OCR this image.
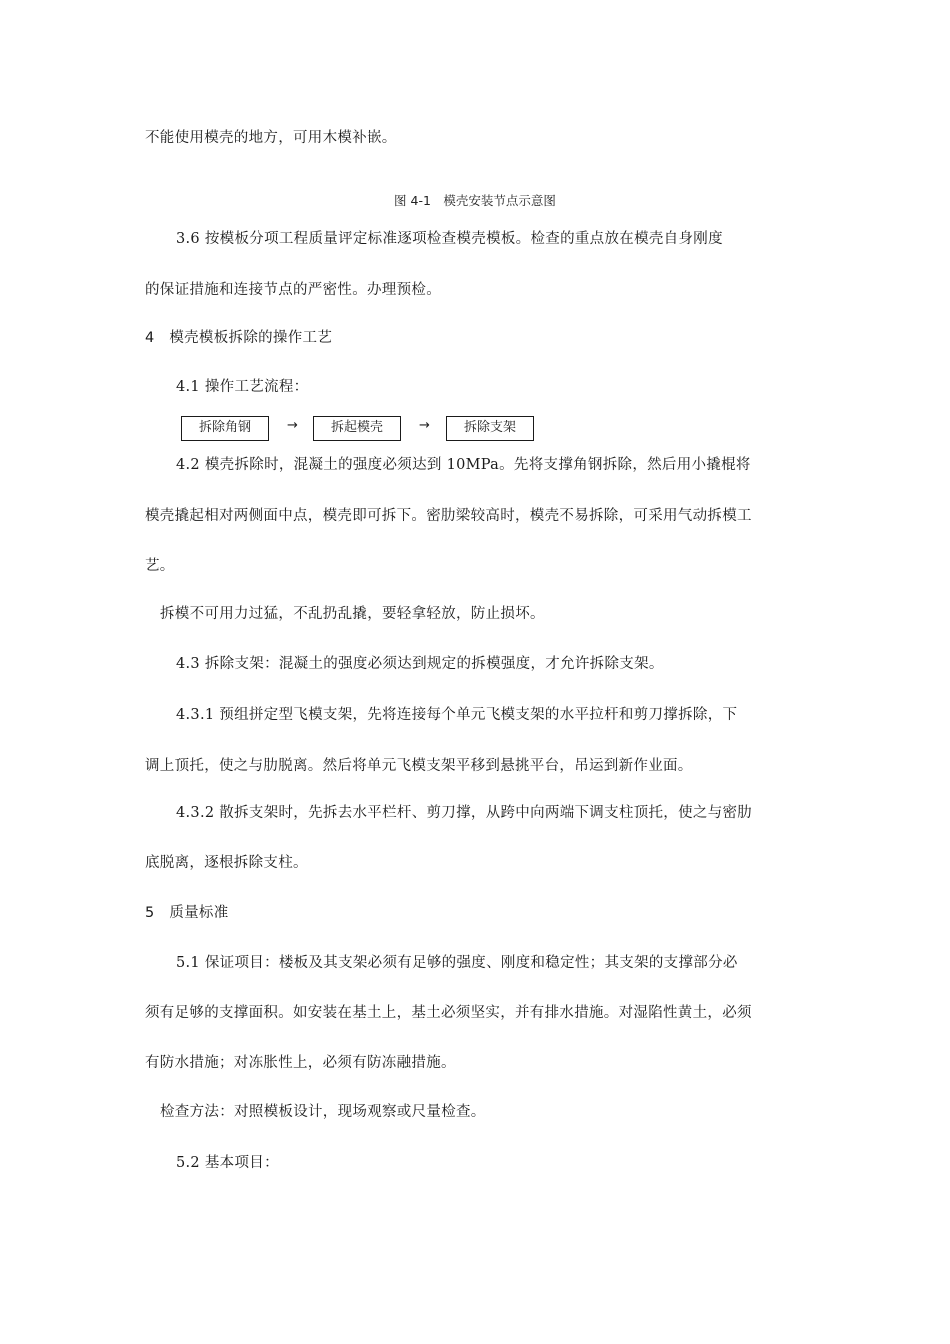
不能使用模壳的地方，可用木模补嵌。
图 4-1　模壳安装节点示意图
3.6 按模板分项工程质量评定标准逐项检查模壳模板。检查的重点放在模壳自身刚度
的保证措施和连接节点的严密性。办理预检。
4　模壳模板拆除的操作工艺
4.1 操作工艺流程：
拆除角钢	→	拆起模壳	→	拆除支架
4.2 模壳拆除时，混凝土的强度必须达到 10MPa。先将支撑角钢拆除，然后用小撬棍将
模壳撬起相对两侧面中点，模壳即可拆下。密肋梁较高时，模壳不易拆除，可采用气动拆模工
艺。
拆模不可用力过猛，不乱扔乱撬，要轻拿轻放，防止损坏。
4.3 拆除支架：混凝土的强度必须达到规定的拆模强度，才允许拆除支架。
4.3.1 预组拼定型飞模支架，先将连接每个单元飞模支架的水平拉杆和剪刀撑拆除，下
调上顶托，使之与肋脱离。然后将单元飞模支架平移到悬挑平台，吊运到新作业面。
4.3.2 散拆支架时，先拆去水平栏杆、剪刀撑，从跨中向两端下调支柱顶托，使之与密肋
底脱离，逐根拆除支柱。
5　质量标准
5.1 保证项目：楼板及其支架必须有足够的强度、刚度和稳定性；其支架的支撑部分必
须有足够的支撑面积。如安装在基土上，基土必须坚实，并有排水措施。对湿陷性黄土，必须
有防水措施；对冻胀性上，必须有防冻融措施。
检查方法：对照模板设计，现场观察或尺量检查。
5.2 基本项目：
